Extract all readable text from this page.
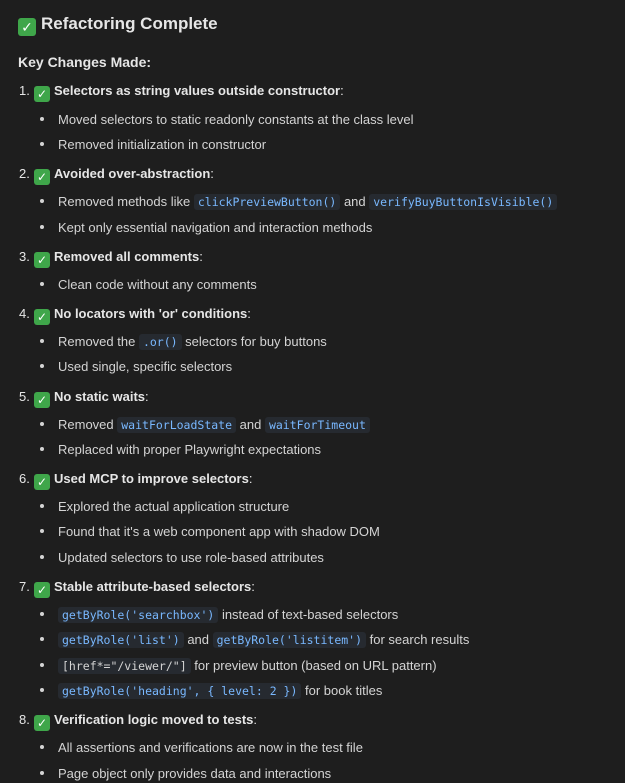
✓ Refactoring Complete
Key Changes Made:
1. ✓ Selectors as string values outside constructor:
Moved selectors to static readonly constants at the class level
Removed initialization in constructor
2. ✓ Avoided over-abstraction:
Removed methods like clickPreviewButton() and verifyBuyButtonIsVisible()
Kept only essential navigation and interaction methods
3. ✓ Removed all comments:
Clean code without any comments
4. ✓ No locators with 'or' conditions:
Removed the .or() selectors for buy buttons
Used single, specific selectors
5. ✓ No static waits:
Removed waitForLoadState and waitForTimeout
Replaced with proper Playwright expectations
6. ✓ Used MCP to improve selectors:
Explored the actual application structure
Found that it's a web component app with shadow DOM
Updated selectors to use role-based attributes
7. ✓ Stable attribute-based selectors:
getByRole('searchbox') instead of text-based selectors
getByRole('list') and getByRole('listitem') for search results
[href*="/viewer/"] for preview button (based on URL pattern)
getByRole('heading', { level: 2 }) for book titles
8. ✓ Verification logic moved to tests:
All assertions and verifications are now in the test file
Page object only provides data and interactions
